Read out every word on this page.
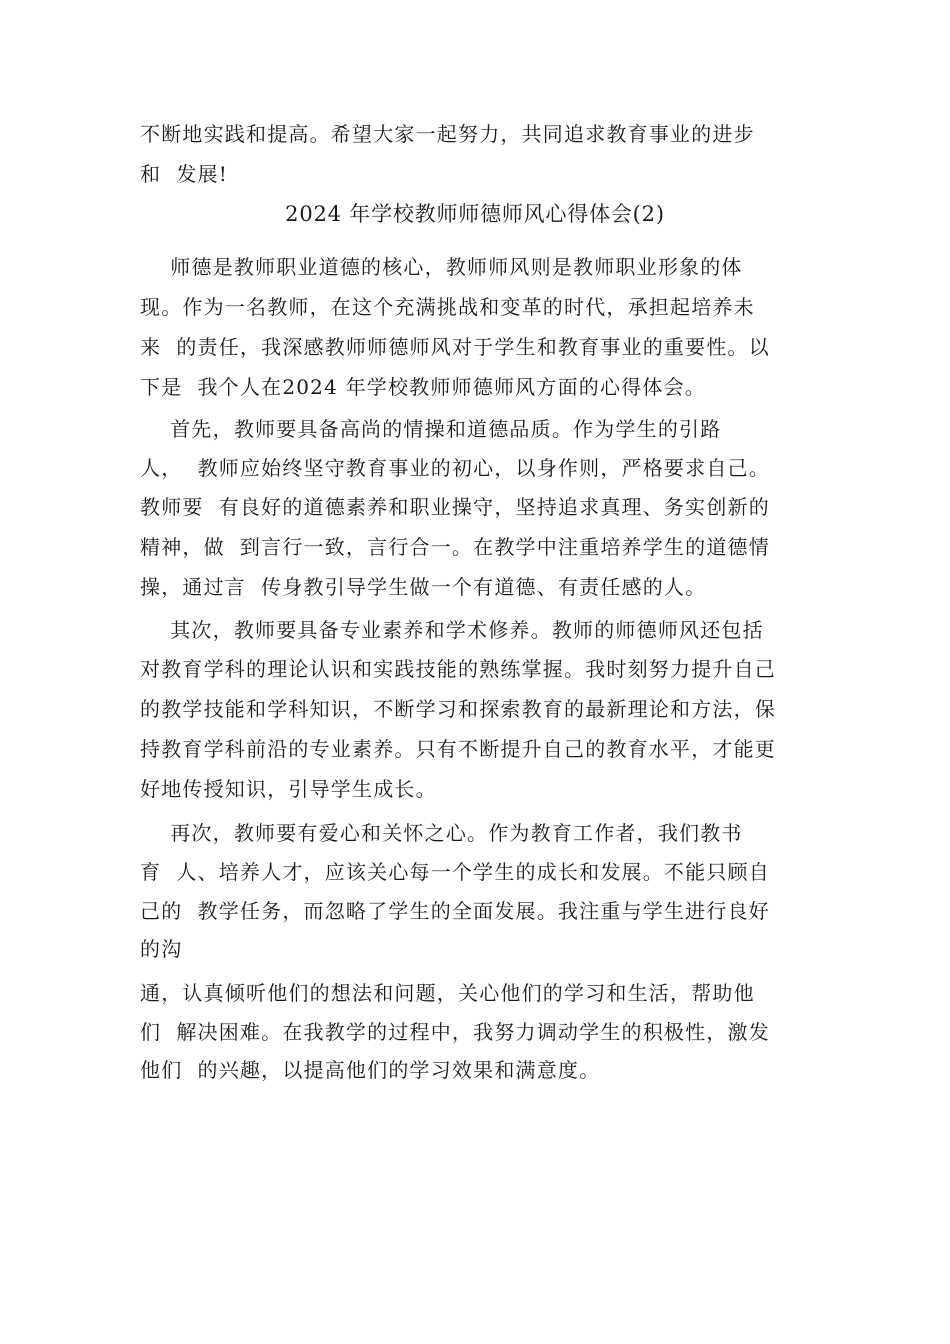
不断地实践和提高。希望大家一起努力，共同追求教育事业的进步
和  发展!
2024 年学校教师师德师风心得体会(2)
师德是教师职业道德的核心，教师师风则是教师职业形象的体
现。作为一名教师，在这个充满挑战和变革的时代，承担起培养未
来  的责任，我深感教师师德师风对于学生和教育事业的重要性。以
下是  我个人在2024 年学校教师师德师风方面的心得体会。
首先，教师要具备高尚的情操和道德品质。作为学生的引路
人，  教师应始终坚守教育事业的初心，以身作则，严格要求自己。
教师要  有良好的道德素养和职业操守，坚持追求真理、务实创新的
精神，做  到言行一致，言行合一。在教学中注重培养学生的道德情
操，通过言  传身教引导学生做一个有道德、有责任感的人。
其次，教师要具备专业素养和学术修养。教师的师德师风还包括
对教育学科的理论认识和实践技能的熟练掌握。我时刻努力提升自己
的教学技能和学科知识，不断学习和探索教育的最新理论和方法，保
持教育学科前沿的专业素养。只有不断提升自己的教育水平，才能更
好地传授知识，引导学生成长。
再次，教师要有爱心和关怀之心。作为教育工作者，我们教书
育  人、培养人才，应该关心每一个学生的成长和发展。不能只顾自
己的  教学任务，而忽略了学生的全面发展。我注重与学生进行良好
的沟
通，认真倾听他们的想法和问题，关心他们的学习和生活，帮助他
们  解决困难。在我教学的过程中，我努力调动学生的积极性，激发
他们  的兴趣，以提高他们的学习效果和满意度。
